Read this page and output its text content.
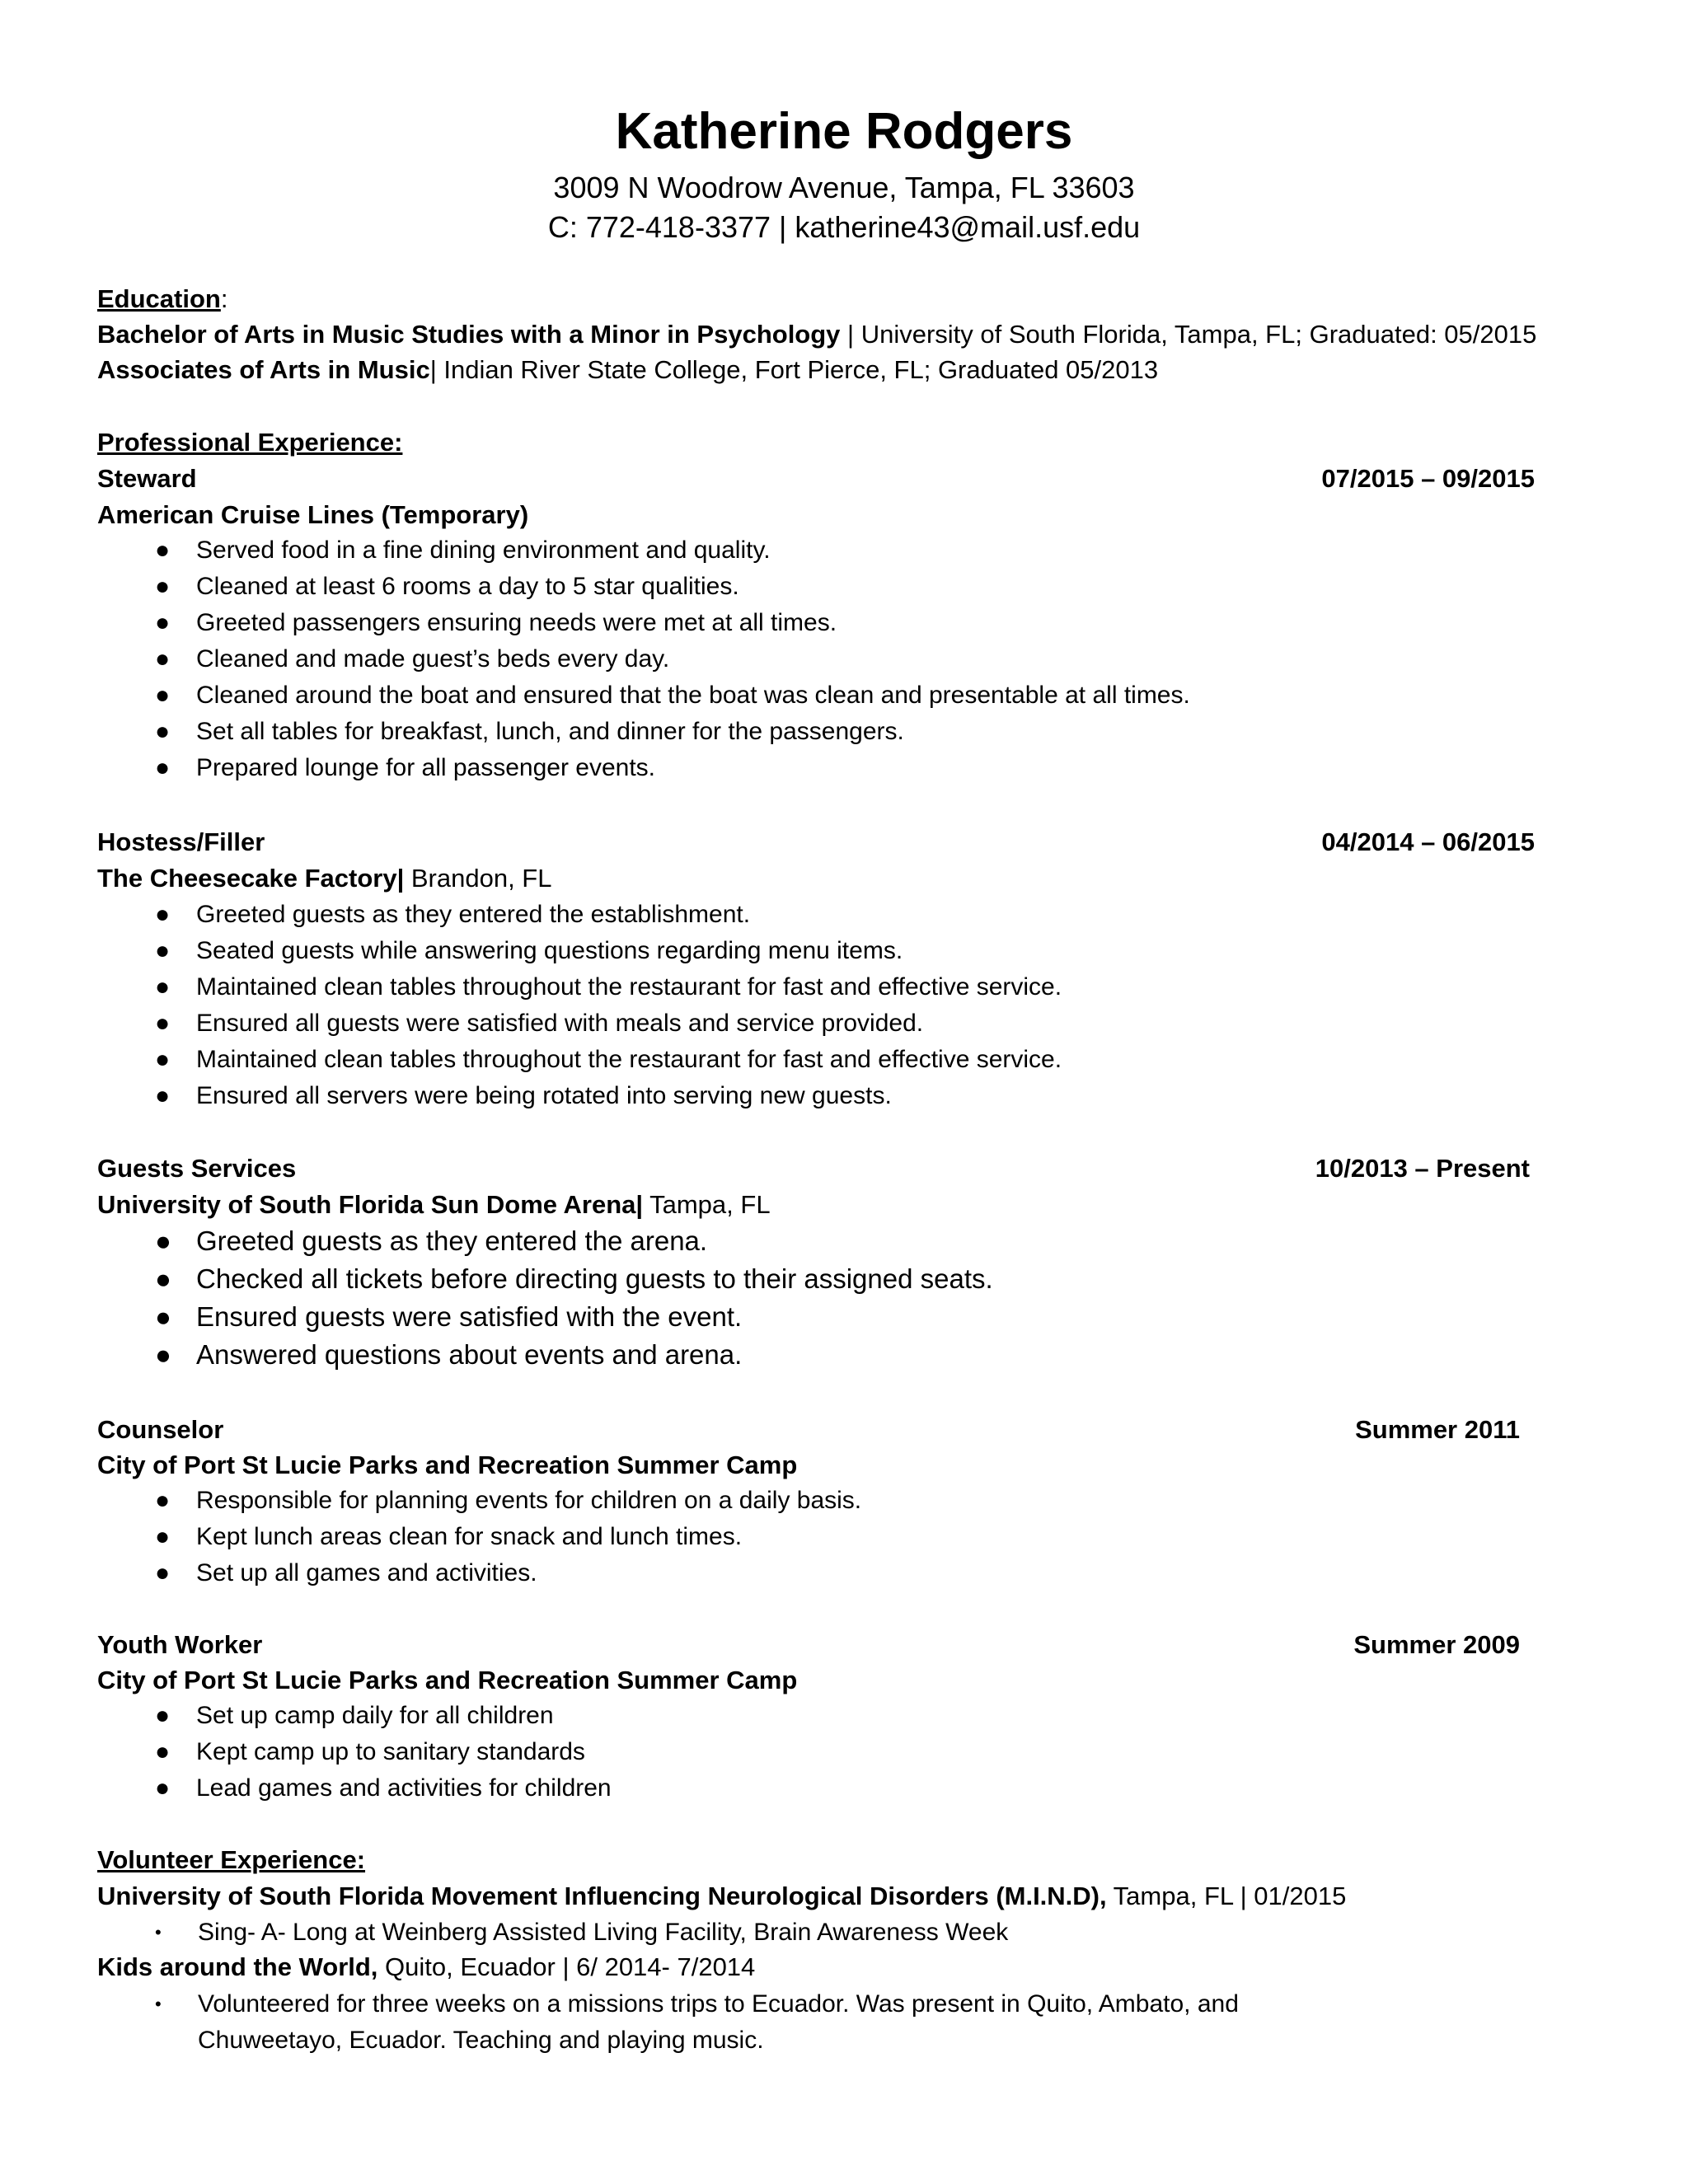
Katherine Rodgers
3009 N Woodrow Avenue, Tampa, FL 33603
C: 772-418-3377 | katherine43@mail.usf.edu
Education:
Bachelor of Arts in Music Studies with a Minor in Psychology | University of South Florida, Tampa, FL; Graduated: 05/2015
Associates of Arts in Music| Indian River State College, Fort Pierce, FL; Graduated 05/2013
Professional Experience:
Steward	07/2015 – 09/2015
American Cruise Lines (Temporary)
● Served food in a fine dining environment and quality.
● Cleaned at least 6 rooms a day to 5 star qualities.
● Greeted passengers ensuring needs were met at all times.
● Cleaned and made guest’s beds every day.
● Cleaned around the boat and ensured that the boat was clean and presentable at all times.
● Set all tables for breakfast, lunch, and dinner for the passengers.
● Prepared lounge for all passenger events.
Hostess/Filler	04/2014 – 06/2015
The Cheesecake Factory| Brandon, FL
● Greeted guests as they entered the establishment.
● Seated guests while answering questions regarding menu items.
● Maintained clean tables throughout the restaurant for fast and effective service.
● Ensured all guests were satisfied with meals and service provided.
● Maintained clean tables throughout the restaurant for fast and effective service.
● Ensured all servers were being rotated into serving new guests.
Guests Services	10/2013 – Present
University of South Florida Sun Dome Arena| Tampa, FL
● Greeted guests as they entered the arena.
● Checked all tickets before directing guests to their assigned seats.
● Ensured guests were satisfied with the event.
● Answered questions about events and arena.
Counselor	Summer 2011
City of Port St Lucie Parks and Recreation Summer Camp
● Responsible for planning events for children on a daily basis.
● Kept lunch areas clean for snack and lunch times.
● Set up all games and activities.
Youth Worker	Summer 2009
City of Port St Lucie Parks and Recreation Summer Camp
● Set up camp daily for all children
● Kept camp up to sanitary standards
● Lead games and activities for children
Volunteer Experience:
University of South Florida Movement Influencing Neurological Disorders (M.I.N.D), Tampa, FL | 01/2015
• Sing- A- Long at Weinberg Assisted Living Facility, Brain Awareness Week
Kids around the World, Quito, Ecuador | 6/ 2014- 7/2014
• Volunteered for three weeks on a missions trips to Ecuador. Was present in Quito, Ambato, and Chuweetayo, Ecuador. Teaching and playing music.
